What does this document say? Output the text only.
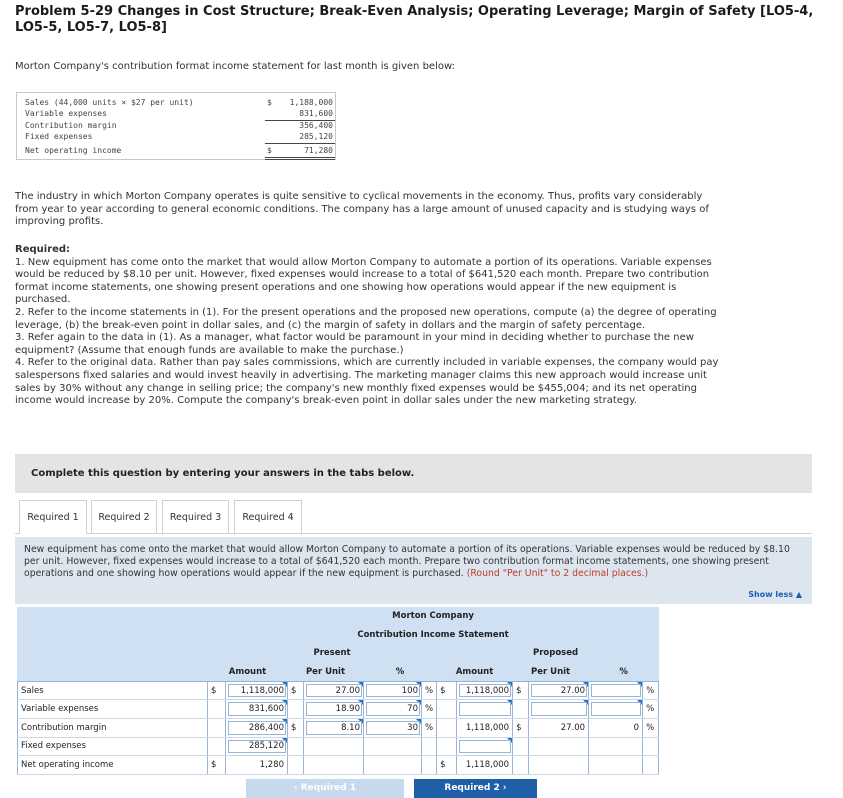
Problem 5-29 Changes in Cost Structure; Break-Even Analysis; Operating Leverage; Margin of Safety [LO5-4, LO5-5, LO5-7, LO5-8]
Morton Company's contribution format income statement for last month is given below:
Sales (44,000 units × $27 per unit)	$	1,188,000
Variable expenses	831,600
Contribution margin	356,400
Fixed expenses	285,120
Net operating income	$	71,280

The industry in which Morton Company operates is quite sensitive to cyclical movements in the economy. Thus, profits vary considerably from year to year according to general economic conditions. The company has a large amount of unused capacity and is studying ways of improving profits.

Required:

1. New equipment has come onto the market that would allow Morton Company to automate a portion of its operations. Variable expenses would be reduced by $8.10 per unit. However, fixed expenses would increase to a total of $641,520 each month. Prepare two contribution format income statements, one showing present operations and one showing how operations would appear if the new equipment is purchased.

2. Refer to the income statements in (1). For the present operations and the proposed new operations, compute (a) the degree of operating leverage, (b) the break-even point in dollar sales, and (c) the margin of safety in dollars and the margin of safety percentage.

3. Refer again to the data in (1). As a manager, what factor would be paramount in your mind in deciding whether to purchase the new equipment? (Assume that enough funds are available to make the purchase.)

4. Refer to the original data. Rather than pay sales commissions, which are currently included in variable expenses, the company would pay salespersons fixed salaries and would invest heavily in advertising. The marketing manager claims this new approach would increase unit sales by 30% without any change in selling price; the company's new monthly fixed expenses would be $455,004; and its net operating income would increase by 20%. Compute the company's break-even point in dollar sales under the new marketing strategy.

Complete this question by entering your answers in the tabs below.
Required 1	Required 2	Required 3	Required 4
New equipment has come onto the market that would allow Morton Company to automate a portion of its operations. Variable expenses would be reduced by $8.10 per unit. However, fixed expenses would increase to a total of $641,520 each month. Prepare two contribution format income statements, one showing present operations and one showing how operations would appear if the new equipment is purchased. (Round "Per Unit" to 2 decimal places.)
Show less ▲
	Morton Company											
	Contribution Income Statement											
	Present							Proposed				
	Amount		Per Unit		%		Amount		Per Unit		%	
Sales	$	1,118,000	$	27.00	100	%	$	1,118,000	$	27.00		%
Variable expenses		831,600		18.90	70	%						%
Contribution margin		286,400	$	8.10	30	%		1,118,000	$	27.00	0	%
Fixed expenses		285,120										
Net operating income	$	1,280					$	1,118,000				
‹ Required 1	Required 2 ›
